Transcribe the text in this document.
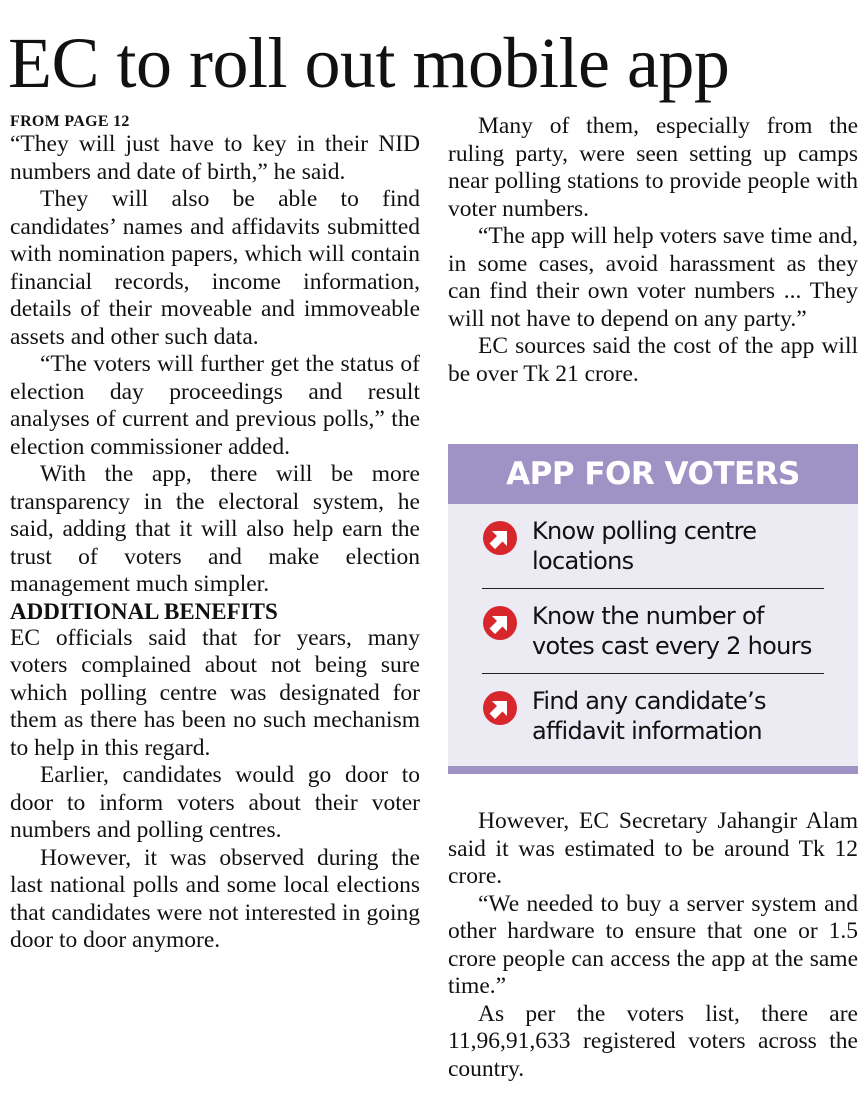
EC to roll out mobile app
FROM PAGE 12

“They will just have to key in their NID numbers and date of birth,” he said.

They will also be able to find candidates’ names and affidavits submitted with nomination papers, which will contain financial records, income information, details of their moveable and immoveable assets and other such data.

“The voters will further get the status of election day proceedings and result analyses of current and previous polls,” the election commissioner added.

With the app, there will be more transparency in the electoral system, he said, adding that it will also help earn the trust of voters and make election management much simpler.

ADDITIONAL BENEFITS

EC officials said that for years, many voters complained about not being sure which polling centre was designated for them as there has been no such mechanism to help in this regard.

Earlier, candidates would go door to door to inform voters about their voter numbers and polling centres.

However, it was observed during the last national polls and some local elections that candidates were not interested in going door to door anymore.

Many of them, especially from the ruling party, were seen setting up camps near polling stations to provide people with voter numbers.

“The app will help voters save time and, in some cases, avoid harassment as they can find their own voter numbers ... They will not have to depend on any party.”

EC sources said the cost of the app will be over Tk 21 crore.

APP FOR VOTERS
Know polling centre locations
Know the number of votes cast every 2 hours
Find any candidate’s affidavit information

However, EC Secretary Jahangir Alam said it was estimated to be around Tk 12 crore.

“We needed to buy a server system and other hardware to ensure that one or 1.5 crore people can access the app at the same time.”

As per the voters list, there are 11,96,91,633 registered voters across the country.
